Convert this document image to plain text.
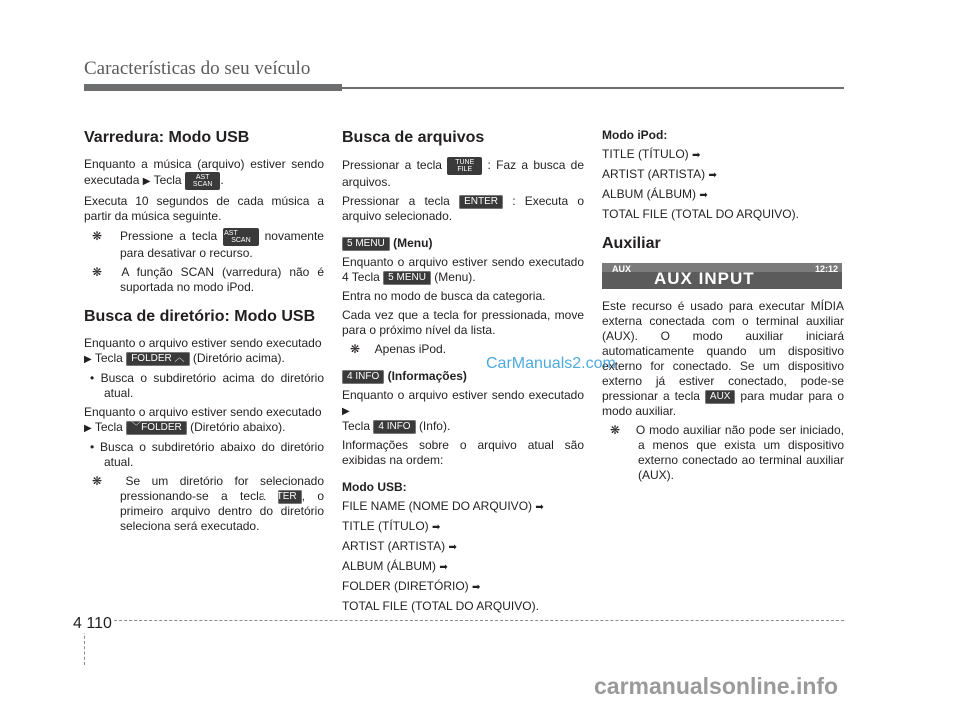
Características do seu veículo
Varredura: Modo USB

Enquanto a música (arquivo) estiver sendo executada ▶ Tecla AST
SCAN .

Executa 10 segundos de cada música a partir da música seguinte.

❋ Pressione a tecla AST
SCAN novamente para desativar o recurso.

❋ A função SCAN (varredura) não é suportada no modo iPod.

Busca de diretório: Modo USB

Enquanto o arquivo estiver sendo executado
▶ Tecla FOLDER ︿ (Diretório acima).

• Busca o subdiretório acima do diretório atual.

Enquanto o arquivo estiver sendo executado
▶ Tecla ﹀FOLDER (Diretório abaixo).

• Busca o subdiretório abaixo do diretório atual.

❋ Se um diretório for selecionado pressionando-se a tecla ENTER , o primeiro arquivo dentro do diretório seleciona será executado.

Busca de arquivos

Pressionar a tecla TUNE
FILE : Faz a busca de arquivos.

Pressionar a tecla ENTER : Executa o arquivo selecionado.

5 MENU (Menu)

Enquanto o arquivo estiver sendo executado 4 Tecla 5 MENU (Menu).

Entra no modo de busca da categoria.

Cada vez que a tecla for pressionada, move para o próximo nível da lista.

❋ Apenas iPod.

4 INFO (Informações)

Enquanto o arquivo estiver sendo executado ▶
Tecla 4 INFO (Info).

Informações sobre o arquivo atual são exibidas na ordem:

Modo USB:

FILE NAME (NOME DO ARQUIVO) ➡

TITLE (TÍTULO) ➡

ARTIST (ARTISTA) ➡

ALBUM (ÁLBUM) ➡

FOLDER (DIRETÓRIO) ➡

TOTAL FILE (TOTAL DO ARQUIVO).

Modo iPod:

TITLE (TÍTULO) ➡

ARTIST (ARTISTA) ➡

ALBUM (ÁLBUM) ➡

TOTAL FILE (TOTAL DO ARQUIVO).

Auxiliar
AUX	12:12
AUX INPUT

Este recurso é usado para executar MÍDIA externa conectada com o terminal auxiliar (AUX). O modo auxiliar iniciará automaticamente quando um dispositivo externo for conectado. Se um dispositivo externo já estiver conectado, pode-se pressionar a tecla AUX para mudar para o modo auxiliar.

❋ O modo auxiliar não pode ser iniciado, a menos que exista um dispositivo externo conectado ao terminal auxiliar (AUX).

CarManuals2.com
4 110
carmanualsonline.info
